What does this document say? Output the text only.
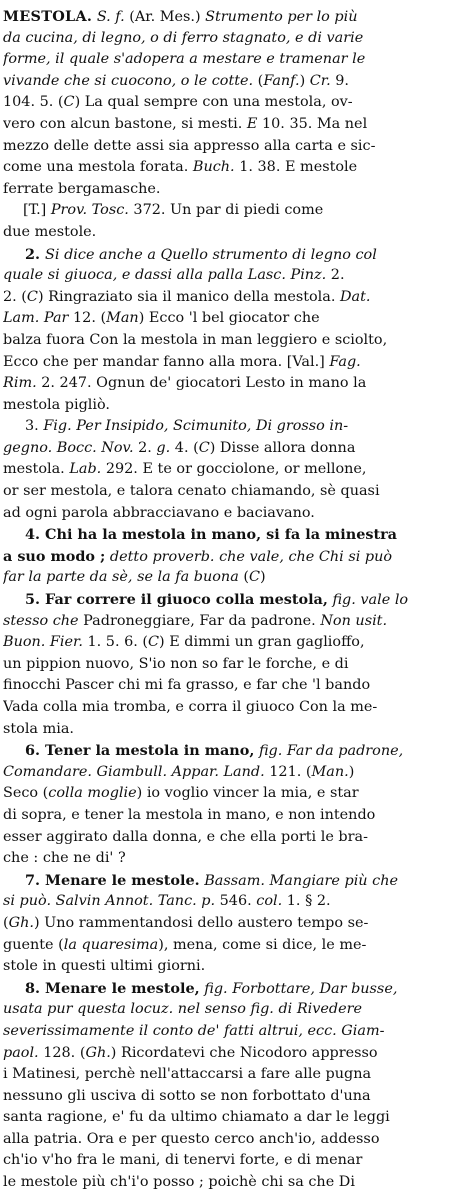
MESTOLA. S. f. (Ar. Mes.) Strumento per lo più
da cucina, di legno, o di ferro stagnato, e di varie
forme, il quale s'adopera a mestare e tramenar le
vivande che si cuocono, o le cotte. (Fanf.) Cr. 9.
104. 5. (C) La qual sempre con una mestola, ov-
vero con alcun bastone, si mesti. E 10. 35. Ma nel
mezzo delle dette assi sia appresso alla carta e sic-
come una mestola forata. Buch. 1. 38. E mestole
ferrate bergamasche.
[T.] Prov. Tosc. 372. Un par di piedi come
due mestole.
2. Si dice anche a Quello strumento di legno col
quale si giuoca, e dassi alla palla Lasc. Pinz. 2.
2. (C) Ringraziato sia il manico della mestola. Dat.
Lam. Par 12. (Man) Ecco 'l bel giocator che
balza fuora Con la mestola in man leggiero e sciolto,
Ecco che per mandar fanno alla mora. [Val.] Fag.
Rim. 2. 247. Ognun de' giocatori Lesto in mano la
mestola pigliò.
3. Fig. Per Insipido, Scimunito, Di grosso in-
gegno. Bocc. Nov. 2. g. 4. (C) Disse allora donna
mestola. Lab. 292. E te or gocciolone, or mellone,
or ser mestola, e talora cenato chiamando, sè quasi
ad ogni parola abbracciavano e baciavano.
4. Chi ha la mestola in mano, si fa la minestra
a suo modo ; detto proverb. che vale, che Chi si può
far la parte da sè, se la fa buona (C)
5. Far correre il giuoco colla mestola, fig. vale lo
stesso che Padroneggiare, Far da padrone. Non usit.
Buon. Fier. 1. 5. 6. (C) E dimmi un gran gaglioffo,
un pippion nuovo, S'io non so far le forche, e di
finocchi Pascer chi mi fa grasso, e far che 'l bando
Vada colla mia tromba, e corra il giuoco Con la me-
stola mia.
6. Tener la mestola in mano, fig. Far da padrone,
Comandare. Giambull. Appar. Land. 121. (Man.)
Seco (colla moglie) io voglio vincer la mia, e star
di sopra, e tener la mestola in mano, e non intendo
esser aggirato dalla donna, e che ella porti le bra-
che : che ne di' ?
7. Menare le mestole. Bassam. Mangiare più che
si può. Salvin Annot. Tanc. p. 546. col. 1. § 2.
(Gh.) Uno rammentandosi dello austero tempo se-
guente (la quaresima), mena, come si dice, le me-
stole in questi ultimi giorni.
8. Menare le mestole, fig. Forbottare, Dar busse,
usata pur questa locuz. nel senso fig. di Rivedere
severissimamente il conto de' fatti altrui, ecc. Giam-
paol. 128. (Gh.) Ricordatevi che Nicodoro appresso
i Matinesi, perchè nell'attaccarsi a fare alle pugna
nessuno gli usciva di sotto se non forbottato d'una
santa ragione, e' fu da ultimo chiamato a dar le leggi
alla patria. Ora e per questo cerco anch'io, addesso
ch'io v'ho fra le mani, di tenervi forte, e di menar
le mestole più ch'i'o posso ; poichè chi sa che Di
